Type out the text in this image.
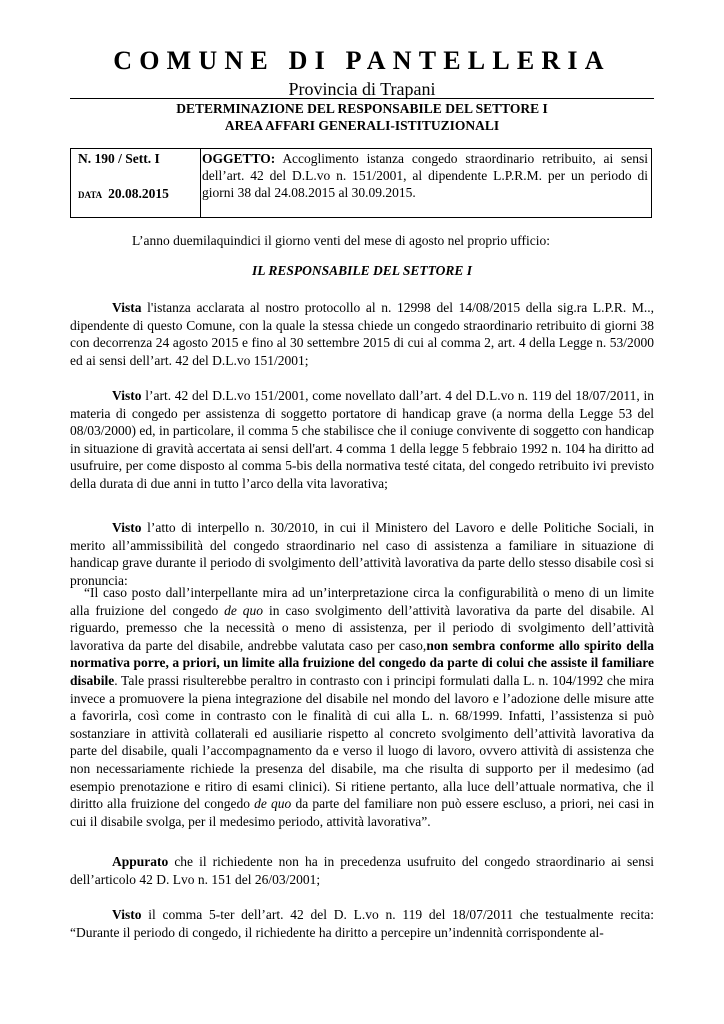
COMUNE DI PANTELLERIA
Provincia di Trapani
DETERMINAZIONE DEL RESPONSABILE DEL SETTORE I
AREA AFFARI GENERALI-ISTITUZIONALI
N. 190 / Sett. I
DATA 20.08.2015
OGGETTO: Accoglimento istanza congedo straordinario retribuito, ai sensi dell’art. 42 del D.L.vo n. 151/2001, al dipendente L.P.R.M. per un periodo di giorni 38 dal 24.08.2015 al 30.09.2015.
L’anno duemilaquindici il giorno venti del mese di agosto nel proprio ufficio:
IL RESPONSABILE DEL SETTORE I

Vista l'istanza acclarata al nostro protocollo al n. 12998 del 14/08/2015 della sig.ra L.P.R. M.., dipendente di questo Comune, con la quale la stessa chiede un congedo straordinario retribuito di giorni 38 con decorrenza 24 agosto 2015 e fino al 30 settembre 2015 di cui al comma 2, art. 4 della Legge n. 53/2000 ed ai sensi dell’art. 42 del D.L.vo 151/2001;

Visto l’art. 42 del D.L.vo 151/2001, come novellato dall’art. 4 del D.L.vo n. 119 del 18/07/2011, in materia di congedo per assistenza di soggetto portatore di handicap grave (a norma della Legge 53 del 08/03/2000) ed, in particolare, il comma 5 che stabilisce che il coniuge convivente di soggetto con handicap in situazione di gravità accertata ai sensi dell'art. 4 comma 1 della legge 5 febbraio 1992 n. 104 ha diritto ad usufruire, per come disposto al comma 5-bis della normativa testé citata, del congedo retribuito ivi previsto della durata di due anni in tutto l’arco della vita lavorativa;

Visto l’atto di interpello n. 30/2010, in cui il Ministero del Lavoro e delle Politiche Sociali, in merito all’ammissibilità del congedo straordinario nel caso di assistenza a familiare in situazione di handicap grave durante il periodo di svolgimento dell’attività lavorativa da parte dello stesso disabile così si pronuncia:

“Il caso posto dall’interpellante mira ad un’interpretazione circa la configurabilità o meno di un limite alla fruizione del congedo de quo in caso svolgimento dell’attività lavorativa da parte del disabile. Al riguardo, premesso che la necessità o meno di assistenza, per il periodo di svolgimento dell’attività lavorativa da parte del disabile, andrebbe valutata caso per caso,non sembra conforme allo spirito della normativa porre, a priori, un limite alla fruizione del congedo da parte di colui che assiste il familiare disabile. Tale prassi risulterebbe peraltro in contrasto con i principi formulati dalla L. n. 104/1992 che mira invece a promuovere la piena integrazione del disabile nel mondo del lavoro e l’adozione delle misure atte a favorirla, così come in contrasto con le finalità di cui alla L. n. 68/1999. Infatti, l’assistenza si può sostanziare in attività collaterali ed ausiliarie rispetto al concreto svolgimento dell’attività lavorativa da parte del disabile, quali l’accompagnamento da e verso il luogo di lavoro, ovvero attività di assistenza che non necessariamente richiede la presenza del disabile, ma che risulta di supporto per il medesimo (ad esempio prenotazione e ritiro di esami clinici). Si ritiene pertanto, alla luce dell’attuale normativa, che il diritto alla fruizione del congedo de quo da parte del familiare non può essere escluso, a priori, nei casi in cui il disabile svolga, per il medesimo periodo, attività lavorativa”.

Appurato che il richiedente non ha in precedenza usufruito del congedo straordinario ai sensi dell’articolo 42 D. Lvo n. 151 del 26/03/2001;

Visto il comma 5-ter dell’art. 42 del D. L.vo n. 119 del 18/07/2011 che testualmente recita: “Durante il periodo di congedo, il richiedente ha diritto a percepire un’indennità corrispondente al-
